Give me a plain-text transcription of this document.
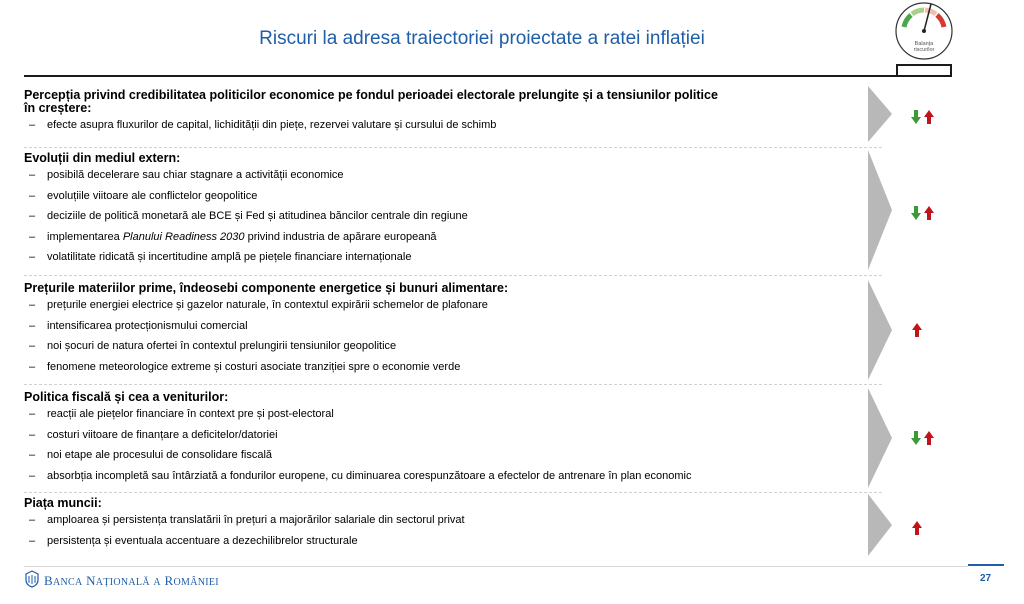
Riscuri la adresa traiectoriei proiectate a ratei inflației	Balanța
riscurilor
Percepția privind credibilitatea politicilor economice pe fondul perioadei electorale prelungite și a tensiunilor politice
în creștere:
– efecte asupra fluxurilor de capital, lichidității din piețe, rezervei valutare și cursului de schimb
Evoluții din mediul extern:
– posibilă decelerare sau chiar stagnare a activității economice
– evoluțiile viitoare ale conflictelor geopolitice
– deciziile de politică monetară ale BCE și Fed și atitudinea băncilor centrale din regiune
– implementarea Planului Readiness 2030 privind industria de apărare europeană
– volatilitate ridicată și incertitudine amplă pe piețele financiare internaționale
Prețurile materiilor prime, îndeosebi componente energetice și bunuri alimentare:
– prețurile energiei electrice și gazelor naturale, în contextul expirării schemelor de plafonare
– intensificarea protecționismului comercial
– noi șocuri de natura ofertei în contextul prelungirii tensiunilor geopolitice
– fenomene meteorologice extreme și costuri asociate tranziției spre o economie verde
Politica fiscală și cea a veniturilor:
– reacții ale piețelor financiare în context pre și post-electoral
– costuri viitoare de finanțare a deficitelor/datoriei
– noi etape ale procesului de consolidare fiscală
– absorbția incompletă sau întârziată a fondurilor europene, cu diminuarea corespunzătoare a efectelor de antrenare în plan economic
Piața muncii:
– amploarea și persistența translatării în prețuri a majorărilor salariale din sectorul privat
– persistența și eventuala accentuare a dezechilibrelor structurale
BANCA NAȚIONALĂ A ROMÂNIEI	27
